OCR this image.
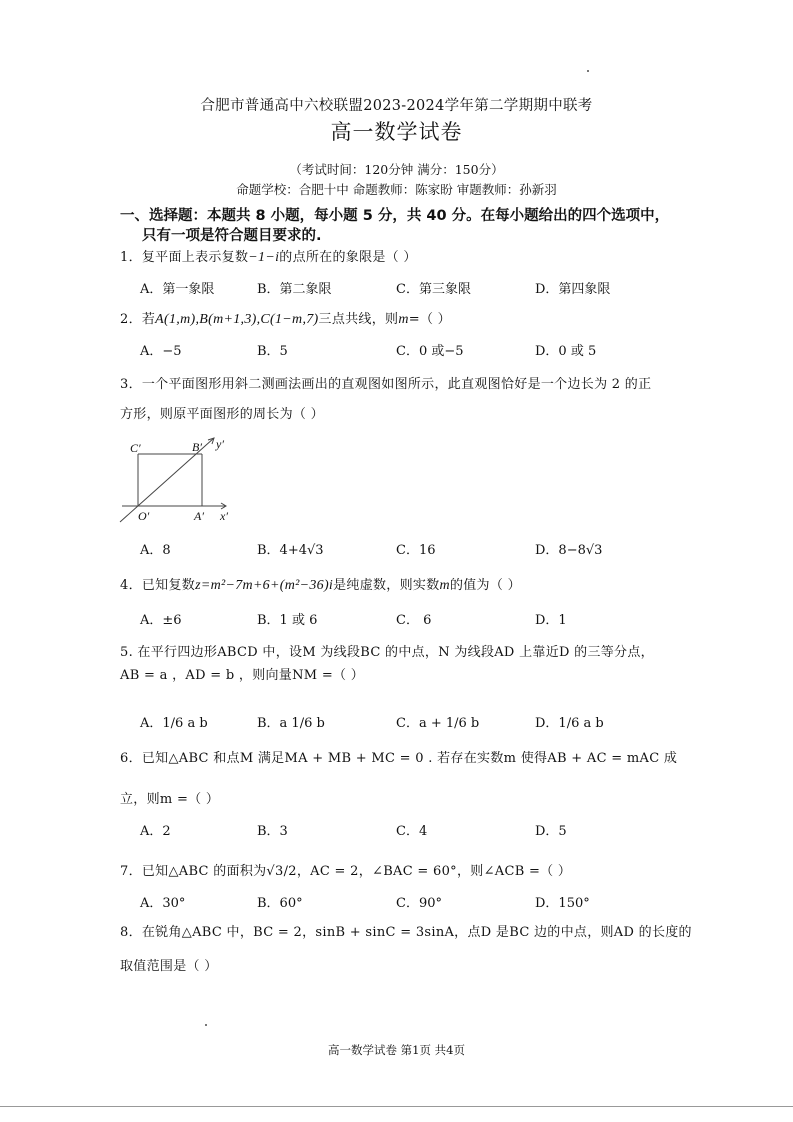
合肥市普通高中六校联盟2023-2024学年第二学期期中联考
高一数学试卷
（考试时间：120分钟 满分：150分）
命题学校：合肥十中 命题教师：陈家盼 审题教师：孙新羽
一、选择题：本题共 8 小题，每小题 5 分，共 40 分。在每小题给出的四个选项中，
只有一项是符合题目要求的.
1．复平面上表示复数−1−i的点所在的象限是（ ）
A．第一象限	B．第二象限	C．第三象限	D．第四象限
2．若A(1,m),B(m+1,3),C(1−m,7)三点共线，则m=（ ）
A．−5	B．5	C．0 或−5	D．0 或 5
3．一个平面图形用斜二测画法画出的直观图如图所示，此直观图恰好是一个边长为 2 的正
方形，则原平面图形的周长为（ ）
C′	B′ y′
O′	A′ x′
A．8	B．4+4√3	C．16	D．8−8√3
4．已知复数z=m²−7m+6+(m²−36)i是纯虚数，则实数m的值为（ ）
A．±6	B．1 或 6	C． 6	D．1
5. 在平行四边形ABCD 中，设M 为线段BC 的中点，N 为线段AD 上靠近D 的三等分点，
AB = a ，AD = b ，则向量NM =（ ）
A．1/6 a b	B．a 1/6 b	C．a + 1/6 b	D．1/6 a b
6．已知△ABC 和点M 满足MA + MB + MC = 0 . 若存在实数m 使得AB + AC = mAC 成
立，则m =（ ）
A．2	B．3	C．4	D．5
7．已知△ABC 的面积为√3/2，AC = 2，∠BAC = 60°，则∠ACB =（ ）
A．30°	B．60°	C．90°	D．150°
8．在锐角△ABC 中，BC = 2，sinB + sinC = 3sinA，点D 是BC 边的中点，则AD 的长度的
取值范围是（ ）
高一数学试卷 第1页 共4页
